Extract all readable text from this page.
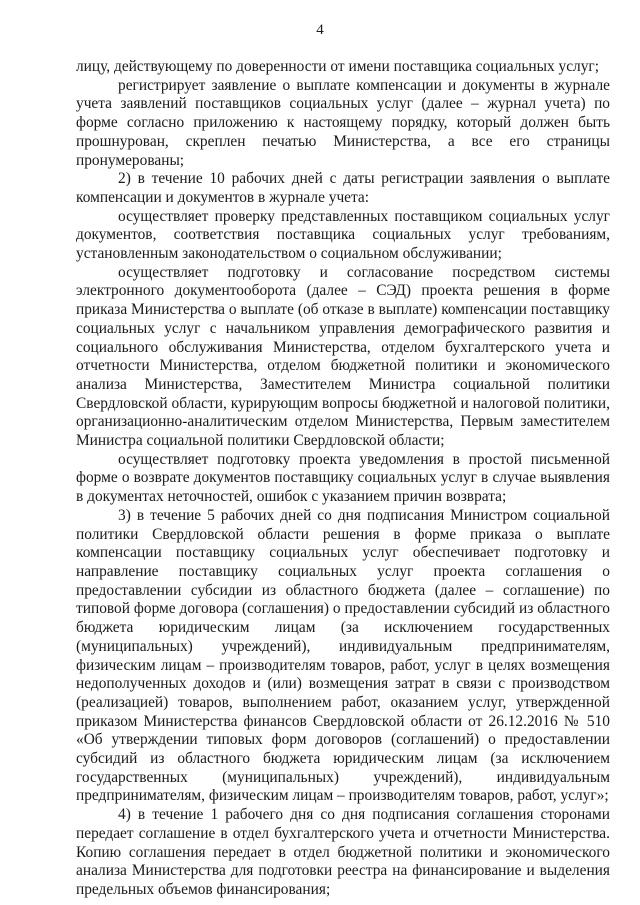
4

лицу, действующему по доверенности от имени поставщика социальных услуг;

регистрирует заявление о выплате компенсации и документы в журнале учета заявлений поставщиков социальных услуг (далее – журнал учета) по форме согласно приложению к настоящему порядку, который должен быть прошнурован, скреплен печатью Министерства, а все его страницы пронумерованы;

2) в течение 10 рабочих дней с даты регистрации заявления о выплате компенсации и документов в журнале учета:

осуществляет проверку представленных поставщиком социальных услуг документов, соответствия поставщика социальных услуг требованиям, установленным законодательством о социальном обслуживании;

осуществляет подготовку и согласование посредством системы электронного документооборота (далее – СЭД) проекта решения в форме приказа Министерства о выплате (об отказе в выплате) компенсации поставщику социальных услуг с начальником управления демографического развития и социального обслуживания Министерства, отделом бухгалтерского учета и отчетности Министерства, отделом бюджетной политики и экономического анализа Министерства, Заместителем Министра социальной политики Свердловской области, курирующим вопросы бюджетной и налоговой политики, организационно-аналитическим отделом Министерства, Первым заместителем Министра социальной политики Свердловской области;

осуществляет подготовку проекта уведомления в простой письменной форме о возврате документов поставщику социальных услуг в случае выявления в документах неточностей, ошибок с указанием причин возврата;

3) в течение 5 рабочих дней со дня подписания Министром социальной политики Свердловской области решения в форме приказа о выплате компенсации поставщику социальных услуг обеспечивает подготовку и направление поставщику социальных услуг проекта соглашения о предоставлении субсидии из областного бюджета (далее – соглашение) по типовой форме договора (соглашения) о предоставлении субсидий из областного бюджета юридическим лицам (за исключением государственных (муниципальных) учреждений), индивидуальным предпринимателям, физическим лицам – производителям товаров, работ, услуг в целях возмещения недополученных доходов и (или) возмещения затрат в связи с производством (реализацией) товаров, выполнением работ, оказанием услуг, утвержденной приказом Министерства финансов Свердловской области от 26.12.2016 № 510 «Об утверждении типовых форм договоров (соглашений) о предоставлении субсидий из областного бюджета юридическим лицам (за исключением государственных (муниципальных) учреждений), индивидуальным предпринимателям, физическим лицам – производителям товаров, работ, услуг»;

4) в течение 1 рабочего дня со дня подписания соглашения сторонами передает соглашение в отдел бухгалтерского учета и отчетности Министерства. Копию соглашения передает в отдел бюджетной политики и экономического анализа Министерства для подготовки реестра на финансирование и выделения предельных объемов финансирования;
